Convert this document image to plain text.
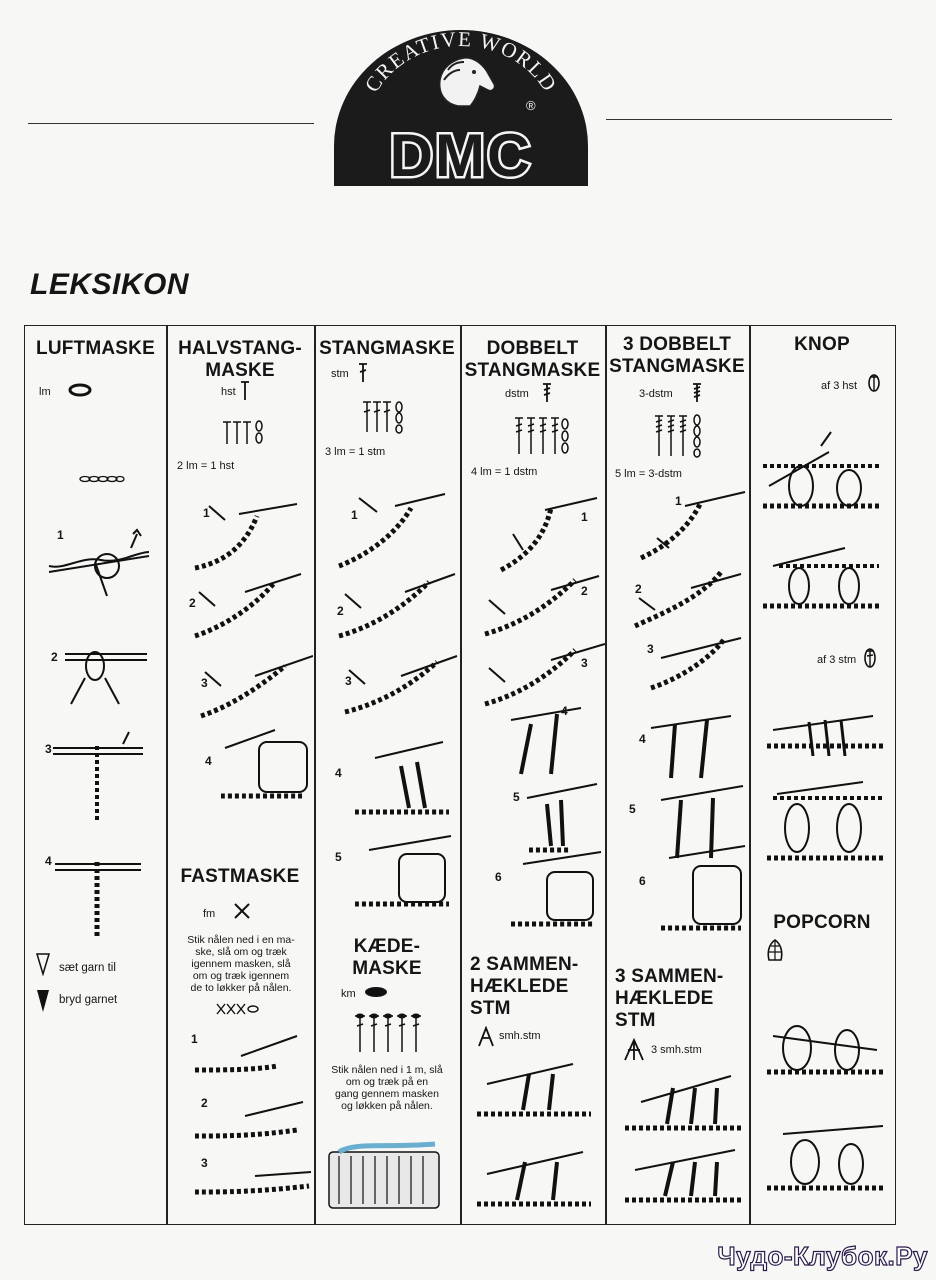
CREATIVE WORLD
DMC
®
LEKSIKON
LUFTMASKE
lm
1
2
3
4
sæt garn til
bryd garnet
HALVSTANG-
MASKE
hst
2 lm = 1 hst
1
2
3
4
FASTMASKE
fm
Stik nålen ned i en ma-
ske, slå om og træk
igennem masken, slå
om og træk igennem
de to løkker på nålen.
1
2
3
STANGMASKE
stm
3 lm = 1 stm
1
2
3
4
5
KÆDE-
MASKE
km
Stik nålen ned i 1 m, slå
om og træk på en
gang gennem masken
og løkken på nålen.
DOBBELT
STANGMASKE
dstm
4 lm = 1 dstm
1
2
3
4
5
6
2 SAMMEN-
HÆKLEDE
STM
smh.stm
3 DOBBELT
STANGMASKE
3-dstm
5 lm = 3-dstm
1
2
3
4
5
6
3 SAMMEN-
HÆKLEDE
STM
3 smh.stm
KNOP
af 3 hst
af 3 stm
POPCORN
Чудо-Клубок.Ру
